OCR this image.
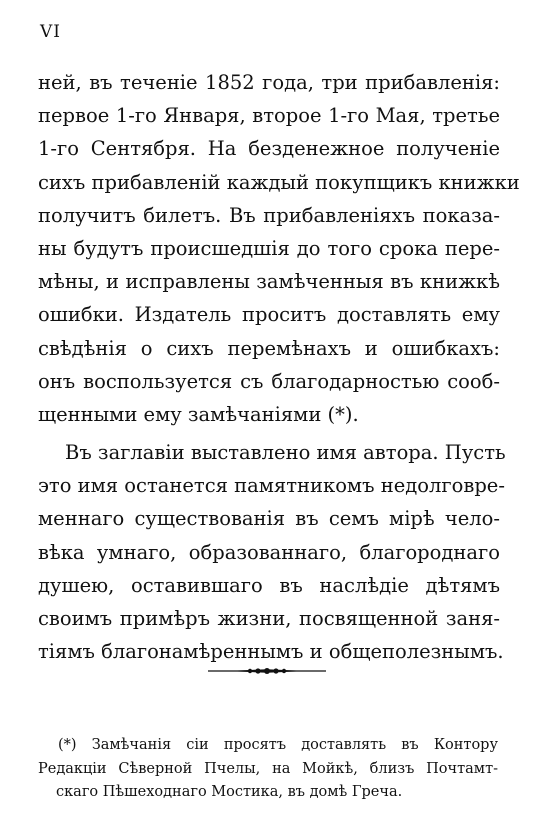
VI
ней, въ теченіе 1852 года, три прибавленія:
первое 1-го Января, второе 1-го Мая, третье
1-го Сентября. На безденежное полученіе
сихъ прибавленій каждый покупщикъ книжки
получитъ билетъ. Въ прибавленіяхъ показа-
ны будутъ происшедшія до того срока пере-
мѣны, и исправлены замѣченныя въ книжкѣ
ошибки. Издатель проситъ доставлять ему
свѣдѣнія о сихъ перемѣнахъ и ошибкахъ:
онъ воспользуется съ благодарностью сооб-
щенными ему замѣчаніями (*).
Въ заглавіи выставлено имя автора. Пусть
это имя останется памятникомъ недолговре-
меннаго существованія въ семъ мірѣ чело-
вѣка умнаго, образованнаго, благороднаго
душею, оставившаго въ наслѣдіе дѣтямъ
своимъ примѣръ жизни, посвященной заня-
тіямъ благонамѣреннымъ и общеполезнымъ.
(*) Замѣчанія сіи просятъ доставлять въ Контору
Редакціи Сѣверной Пчелы, на Мойкѣ, близъ Почтамт-
скаго Пѣшеходнаго Мостика, въ домѣ Греча.
